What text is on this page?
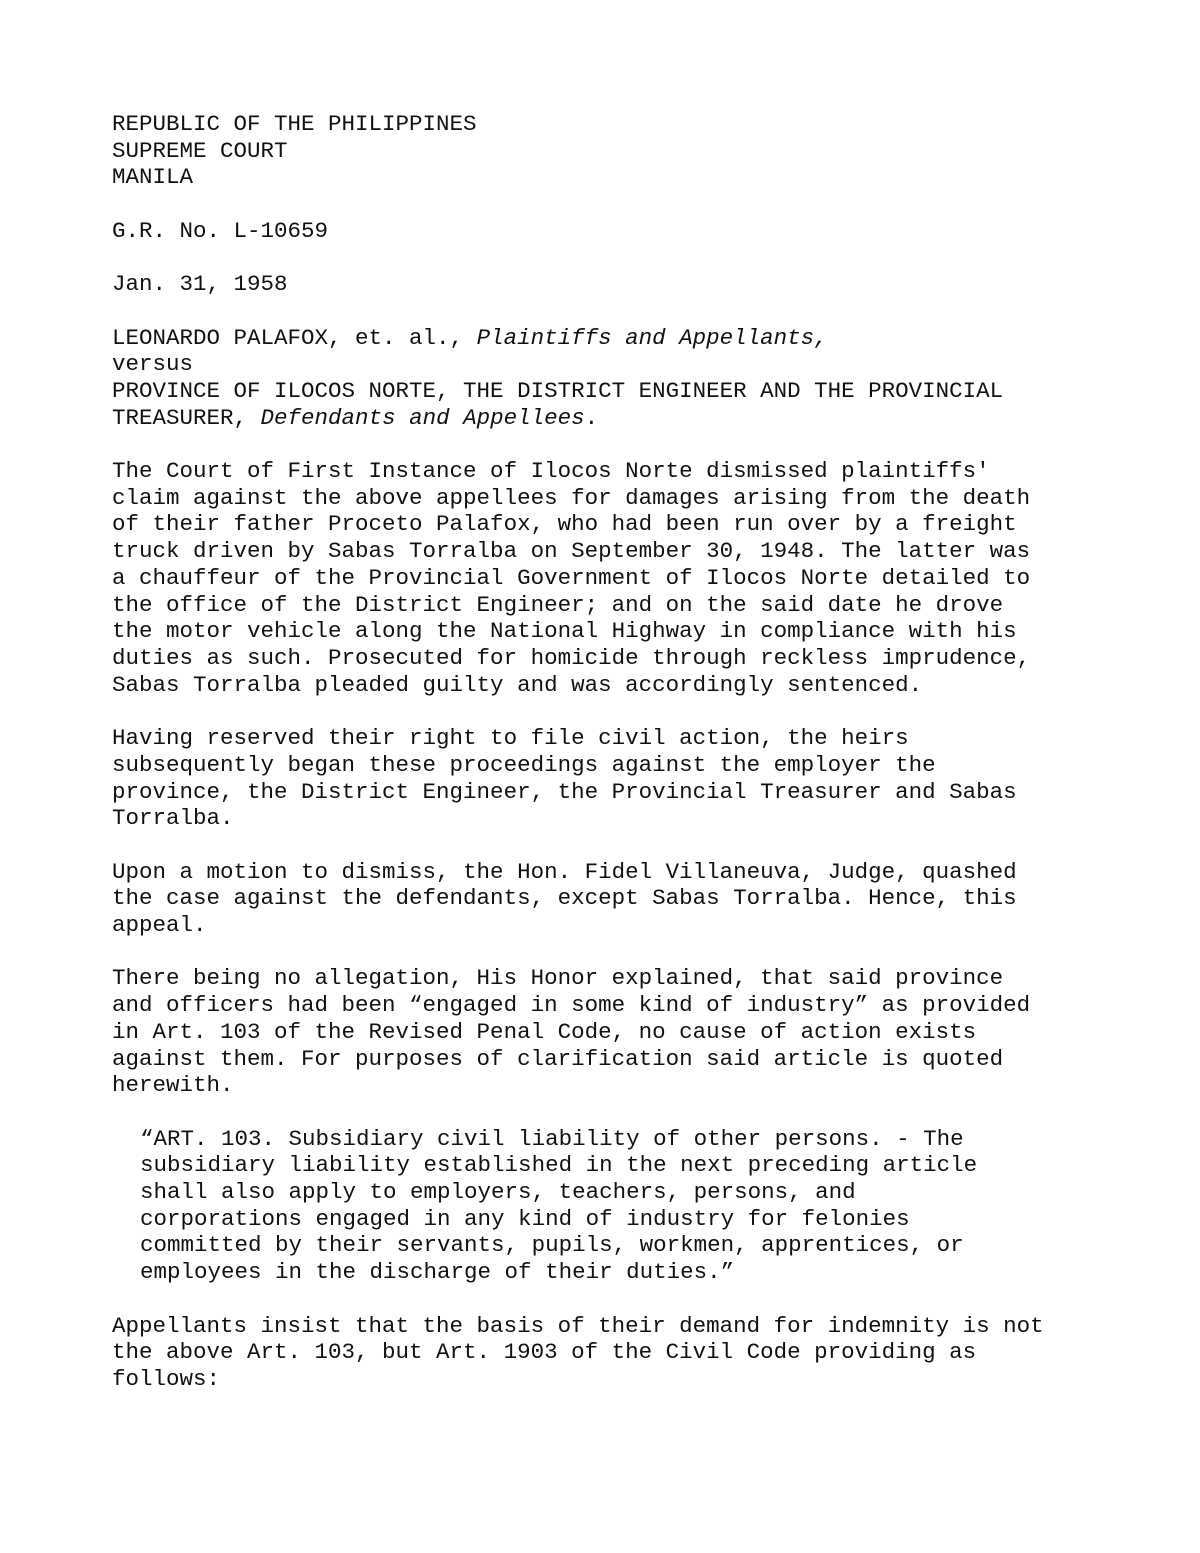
REPUBLIC OF THE PHILIPPINES
SUPREME COURT
MANILA
G.R. No. L-10659
Jan. 31, 1958
LEONARDO PALAFOX, et. al., Plaintiffs and Appellants,
versus
PROVINCE OF ILOCOS NORTE, THE DISTRICT ENGINEER AND THE PROVINCIAL
TREASURER, Defendants and Appellees.
The Court of First Instance of Ilocos Norte dismissed plaintiffs'
claim against the above appellees for damages arising from the death
of their father Proceto Palafox, who had been run over by a freight
truck driven by Sabas Torralba on September 30, 1948. The latter was
a chauffeur of the Provincial Government of Ilocos Norte detailed to
the office of the District Engineer; and on the said date he drove
the motor vehicle along the National Highway in compliance with his
duties as such. Prosecuted for homicide through reckless imprudence,
Sabas Torralba pleaded guilty and was accordingly sentenced.
Having reserved their right to file civil action, the heirs
subsequently began these proceedings against the employer the
province, the District Engineer, the Provincial Treasurer and Sabas
Torralba.
Upon a motion to dismiss, the Hon. Fidel Villaneuva, Judge, quashed
the case against the defendants, except Sabas Torralba. Hence, this
appeal.
There being no allegation, His Honor explained, that said province
and officers had been “engaged in some kind of industry” as provided
in Art. 103 of the Revised Penal Code, no cause of action exists
against them. For purposes of clarification said article is quoted
herewith.
“ART. 103. Subsidiary civil liability of other persons. - The
subsidiary liability established in the next preceding article
shall also apply to employers, teachers, persons, and
corporations engaged in any kind of industry for felonies
committed by their servants, pupils, workmen, apprentices, or
employees in the discharge of their duties.”
Appellants insist that the basis of their demand for indemnity is not
the above Art. 103, but Art. 1903 of the Civil Code providing as
follows:
